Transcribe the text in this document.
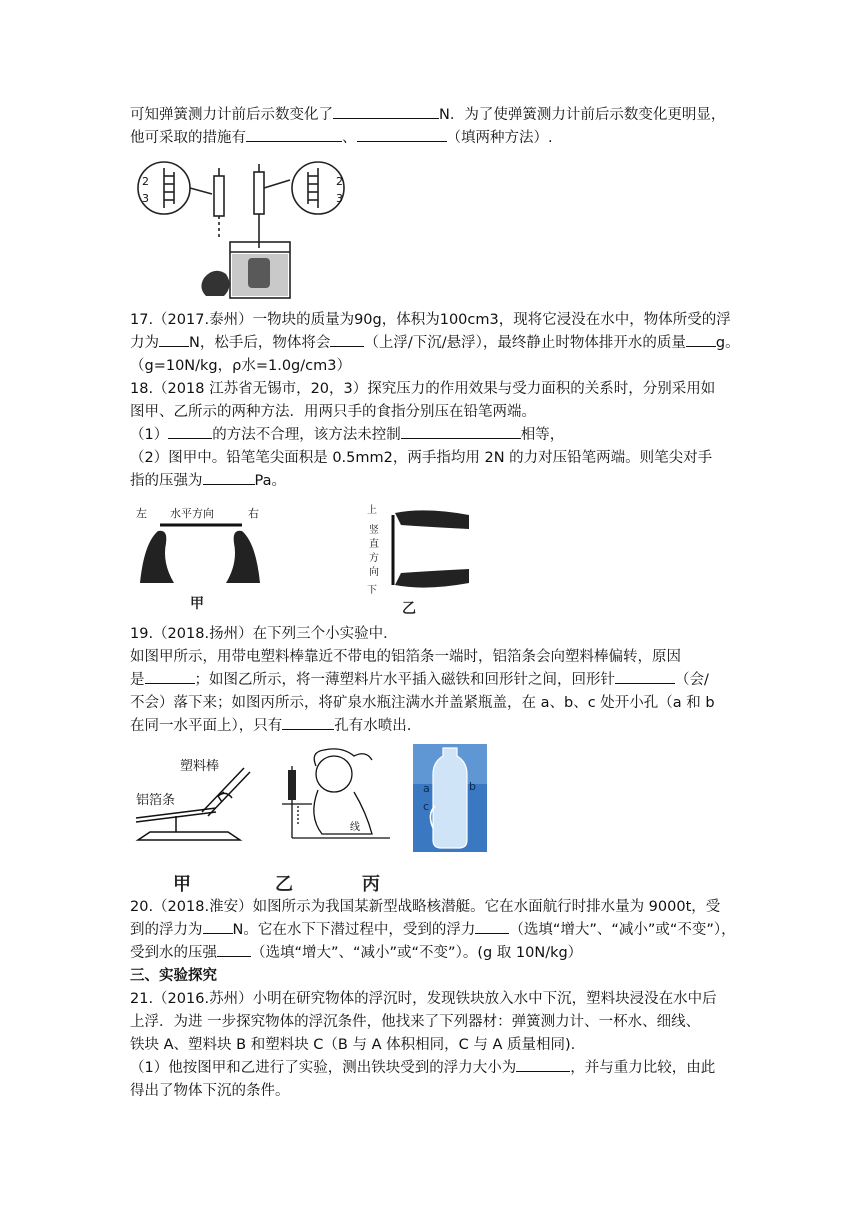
可知弹簧测力计前后示数变化了	N．为了使弹簧测力计前后示数变化更明显，
他可采取的措施有	、	（填两种方法）.
2
3
2
3
17.（2017.泰州）一物块的质量为90g，体积为100cm3，现将它浸没在水中，物体所受的浮
力为 N，松手后，物体将会 （上浮/下沉/悬浮），最终静止时物体排开水的质量 g。
（g=10N/kg，ρ水=1.0g/cm3）
18.（2018 江苏省无锡市，20，3）探究压力的作用效果与受力面积的关系时，分别采用如
图甲、乙所示的两种方法．用两只手的食指分别压在铅笔两端。
（1）	的方法不合理，该方法未控制	相等，
（2）图甲中。铅笔笔尖面积是 0.5mm2，两手指均用 2N 的力对压铅笔两端。则笔尖对手
指的压强为	Pa。
左 水平方向	右
甲
上
下
竖
直
方
向
乙
19.（2018.扬州）在下列三个小实验中．
如图甲所示，用带电塑料棒靠近不带电的铝箔条一端时，铝箔条会向塑料棒偏转，原因
是	；如图乙所示，将一薄塑料片水平插入磁铁和回形针之间，回形针	（会/
不会）落下来；如图丙所示，将矿泉水瓶注满水并盖紧瓶盖，在 a、b、c 处开小孔（a 和 b
在同一水平面上），只有	孔有水喷出.
塑料棒
铝箔条
甲
线
乙
a	b
c
丙
20.（2018.淮安）如图所示为我国某新型战略核潜艇。它在水面航行时排水量为 9000t，受
到的浮力为 N。它在水下下潜过程中，受到的浮力 （选填“增大”、“减小”或“不变”），
受到水的压强 （选填“增大”、“减小”或“不变”）。(g 取 10N/kg）
三、实验探究
21.（2016.苏州）小明在研究物体的浮沉时，发现铁块放入水中下沉，塑料块浸没在水中后
上浮．为进 一步探究物体的浮沉条件，他找来了下列器材：弹簧测力计、一杯水、细线、
铁块 A、塑料块 B 和塑料块 C（B 与 A 体积相同，C 与 A 质量相同).
（1）他按图甲和乙进行了实验，测出铁块受到的浮力大小为	，并与重力比较，由此
得出了物体下沉的条件。
